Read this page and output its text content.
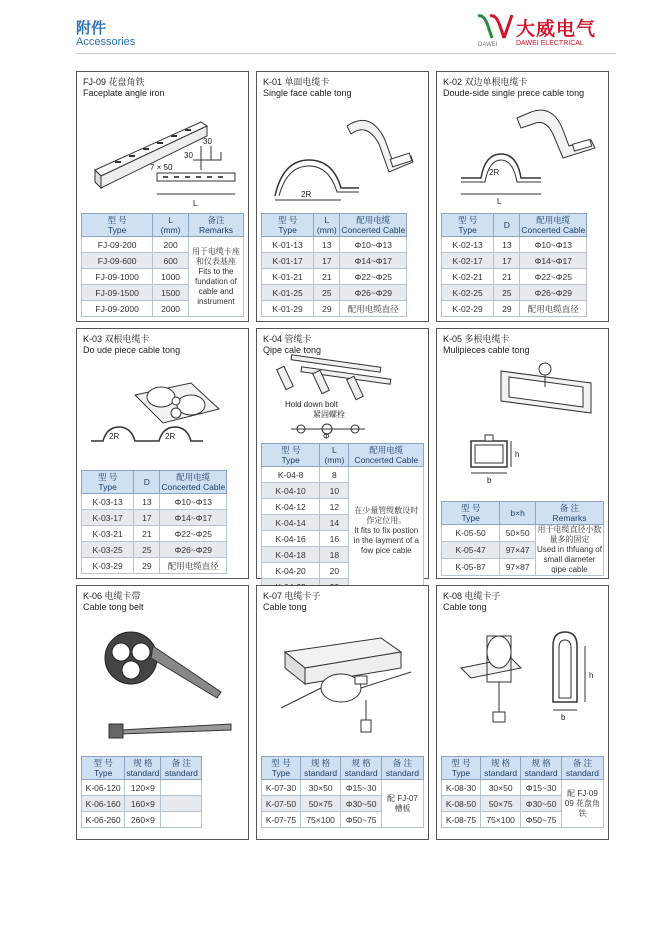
附件
Accessories	DAWEI
大威电气
DAWEI ELECTRICAL
FJ-09 花盘角铁
Faceplate angle iron
30
30
7 × 50
L
型 号
Type	L
(mm)	备注
Remarks
FJ-09-200	200	用于电缆卡座和仪表基座
Fits to the fundation of cable and instrument
FJ-09-600	600	
FJ-09-1000	1000	
FJ-09-1500	1500	
FJ-09-2000	2000	
K-01 单面电缆卡
Single face cable tong
2R
型 号
Type	L
(mm)	配用电缆
Concerted Cable
K-01-13	13	Φ10~Φ13
K-01-17	17	Φ14~Φ17
K-01-21	21	Φ22~Φ25
K-01-25	25	Φ26~Φ29
K-01-29	29	配用电缆直径
K-02 双边单根电缆卡
Doude-side single prece cable tong
2R
L
型 号
Type	D	配用电缆
Concerted Cable
K-02-13	13	Φ10~Φ13
K-02-17	17	Φ14~Φ17
K-02-21	21	Φ22~Φ25
K-02-25	25	Φ26~Φ29
K-02-29	29	配用电缆直径
K-03 双根电缆卡
Do ude piece cable tong
2R	2R
型 号
Type	D	配用电缆
Concerted Cable
K-03-13	13	Φ10~Φ13
K-03-17	17	Φ14~Φ17
K-03-21	21	Φ22~Φ25
K-03-25	25	Φ26~Φ29
K-03-29	29	配用电缆直径
K-04 管缆卡
Qipe cale tong
Hold down bolt
紧固螺栓
Φ
型 号
Type	L
(mm)	配用电缆
Concerted Cable
K-04-8	8	在少量管缆敷设时作定位用。
It fits to fix postion in the layment of a fow pice cable
K-04-10	10	
K-04-12	12	
K-04-14	14	
K-04-16	16	
K-04-18	18	
K-04-20	20	

K-05 多根电缆卡
Mulipieces cable tong
h
b
型 号
Type	b×h	备 注
Remarks
K-05-50	50×50	用于电缆直径小数量多的固定
Used in thfuang of small diameter qipe cable
K-05-47	97×47	
K-05-87	97×87	
K-06 电缆卡带
Cable tong belt
型 号
Type	规 格
standard	备 注
standard
K-06-120	120×9	
K-06-160	160×9	
K-06-260	260×9	
K-07 电缆卡子
Cable tong
型 号
Type	规 格
standard	规 格
standard	备 注
standard
K-07-30	30×50	Φ15~30	配 FJ-07 槽板
K-07-50	50×75	Φ30~50	
K-07-75	75×100	Φ50~75	
K-08 电缆卡子
Cable tong
h
b
型 号
Type	规 格
standard	规 格
standard	备 注
standard
K-08-30	30×50	Φ15~30	配 FJ-09 09 花盘角铁
K-08-50	50×75	Φ30~50	
K-08-75	75×100	Φ50~75	
